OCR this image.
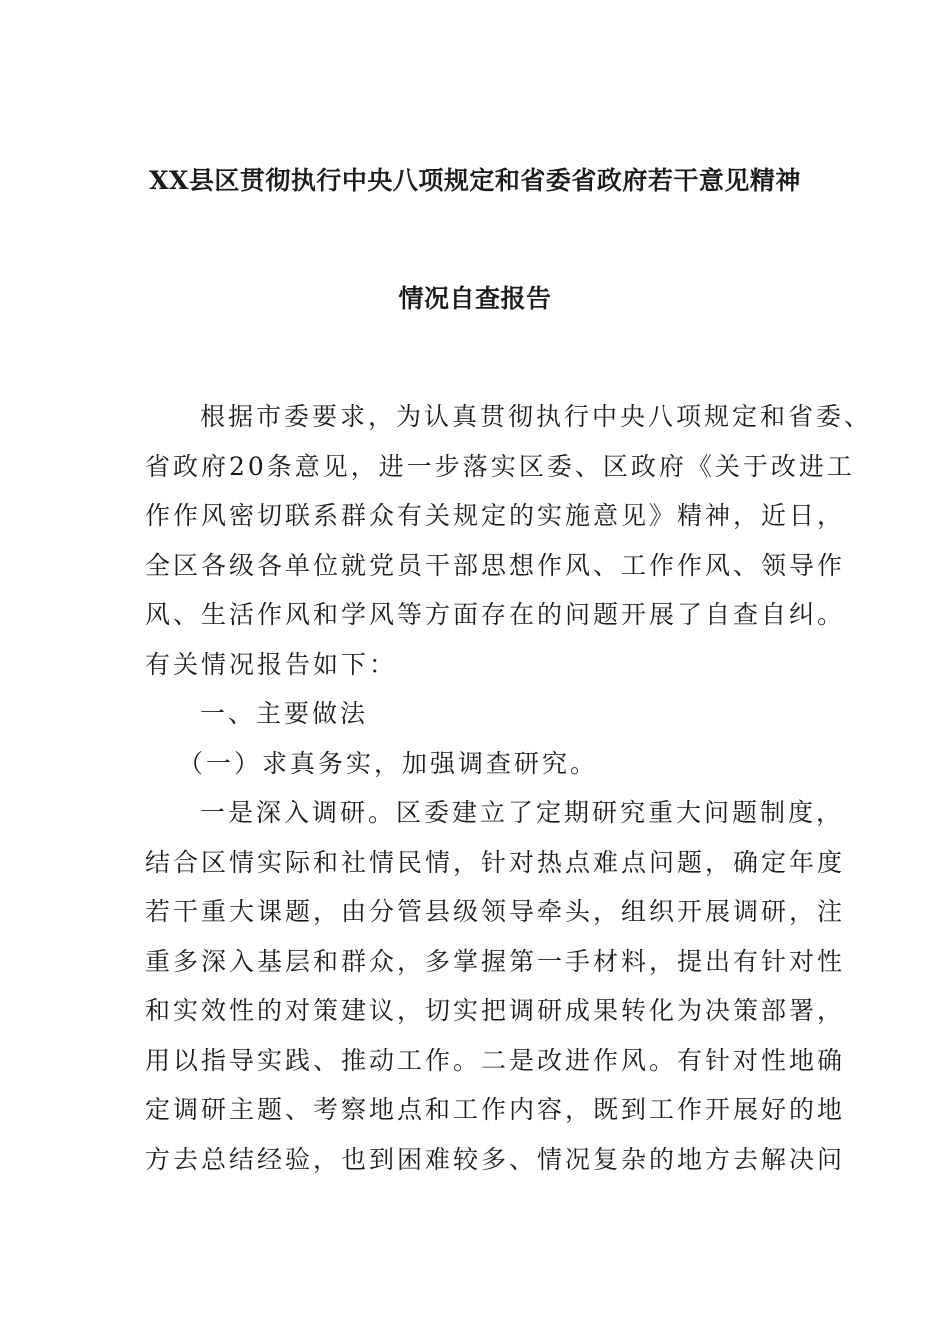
XX县区贯彻执行中央八项规定和省委省政府若干意见精神
情况自查报告
根据市委要求，为认真贯彻执行中央八项规定和省委、
省政府20条意见，进一步落实区委、区政府《关于改进工
作作风密切联系群众有关规定的实施意见》精神，近日，
全区各级各单位就党员干部思想作风、工作作风、领导作
风、生活作风和学风等方面存在的问题开展了自查自纠。
有关情况报告如下：
一、主要做法
（一）求真务实，加强调查研究。
一是深入调研。区委建立了定期研究重大问题制度，
结合区情实际和社情民情，针对热点难点问题，确定年度
若干重大课题，由分管县级领导牵头，组织开展调研，注
重多深入基层和群众，多掌握第一手材料，提出有针对性
和实效性的对策建议，切实把调研成果转化为决策部署，
用以指导实践、推动工作。二是改进作风。有针对性地确
定调研主题、考察地点和工作内容，既到工作开展好的地
方去总结经验，也到困难较多、情况复杂的地方去解决问
